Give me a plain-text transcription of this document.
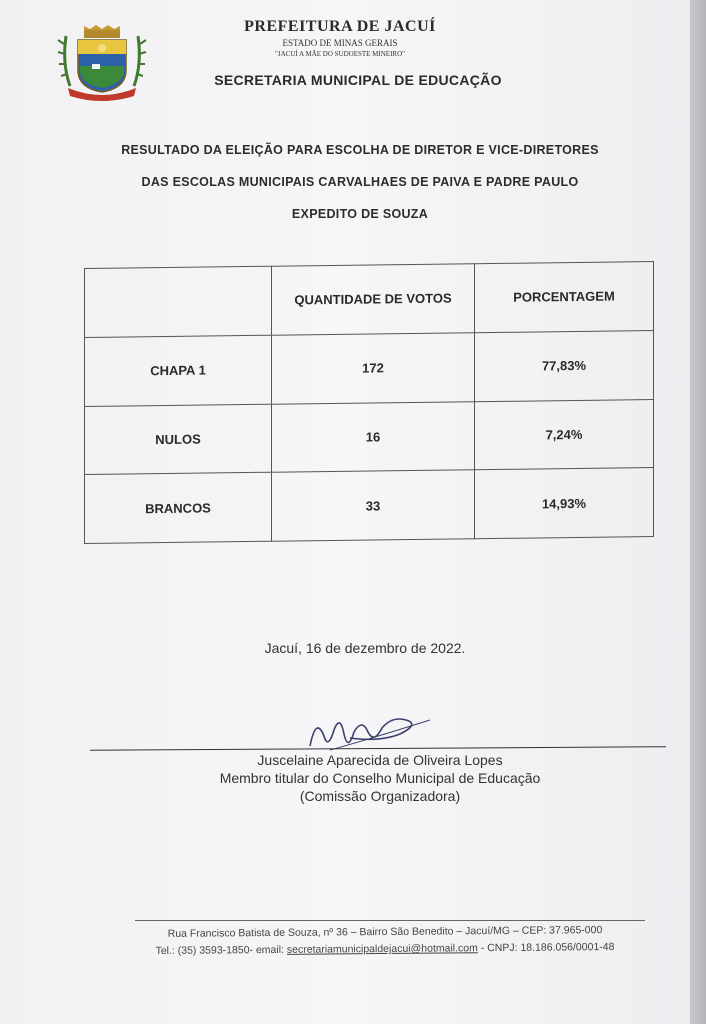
PREFEITURA DE JACUÍ
ESTADO DE MINAS GERAIS
"JACUÍ A MÃE DO SUDOESTE MINEIRO"
SECRETARIA MUNICIPAL DE EDUCAÇÃO
RESULTADO DA ELEIÇÃO PARA ESCOLHA DE DIRETOR E VICE-DIRETORES
DAS ESCOLAS MUNICIPAIS CARVALHAES DE PAIVA E PADRE PAULO
EXPEDITO DE SOUZA
	QUANTIDADE DE VOTOS	PORCENTAGEM
CHAPA 1	172	77,83%
NULOS	16	7,24%
BRANCOS	33	14,93%
Jacuí, 16 de dezembro de 2022.
Juscelaine Aparecida de Oliveira Lopes
Membro titular do Conselho Municipal de Educação
(Comissão Organizadora)
Rua Francisco Batista de Souza, nº 36 – Bairro São Benedito – Jacuí/MG – CEP: 37.965-000
Tel.: (35) 3593-1850- email: secretariamunicipaldejacui@hotmail.com - CNPJ: 18.186.056/0001-48
